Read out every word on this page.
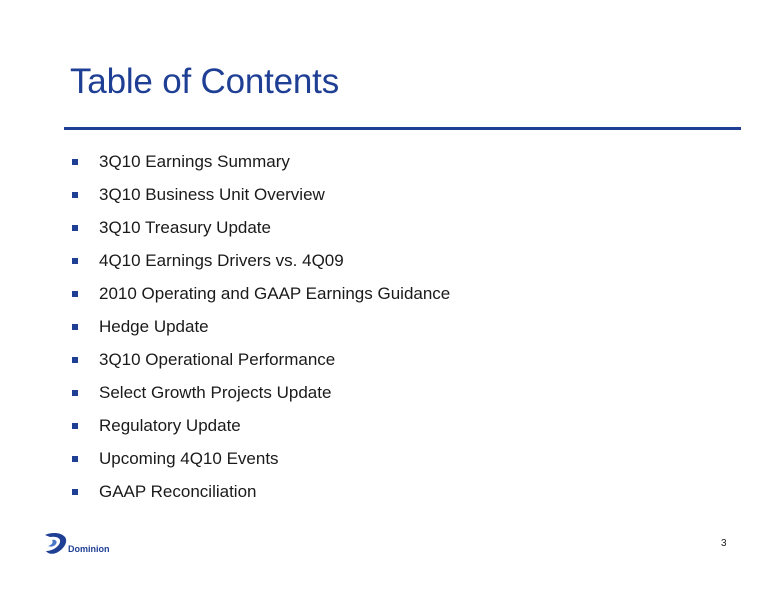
Table of Contents
3Q10 Earnings Summary
3Q10 Business Unit Overview
3Q10 Treasury Update
4Q10 Earnings Drivers vs. 4Q09
2010 Operating and GAAP Earnings Guidance
Hedge Update
3Q10 Operational Performance
Select Growth Projects Update
Regulatory Update
Upcoming 4Q10 Events
GAAP Reconciliation
Dominion	3
